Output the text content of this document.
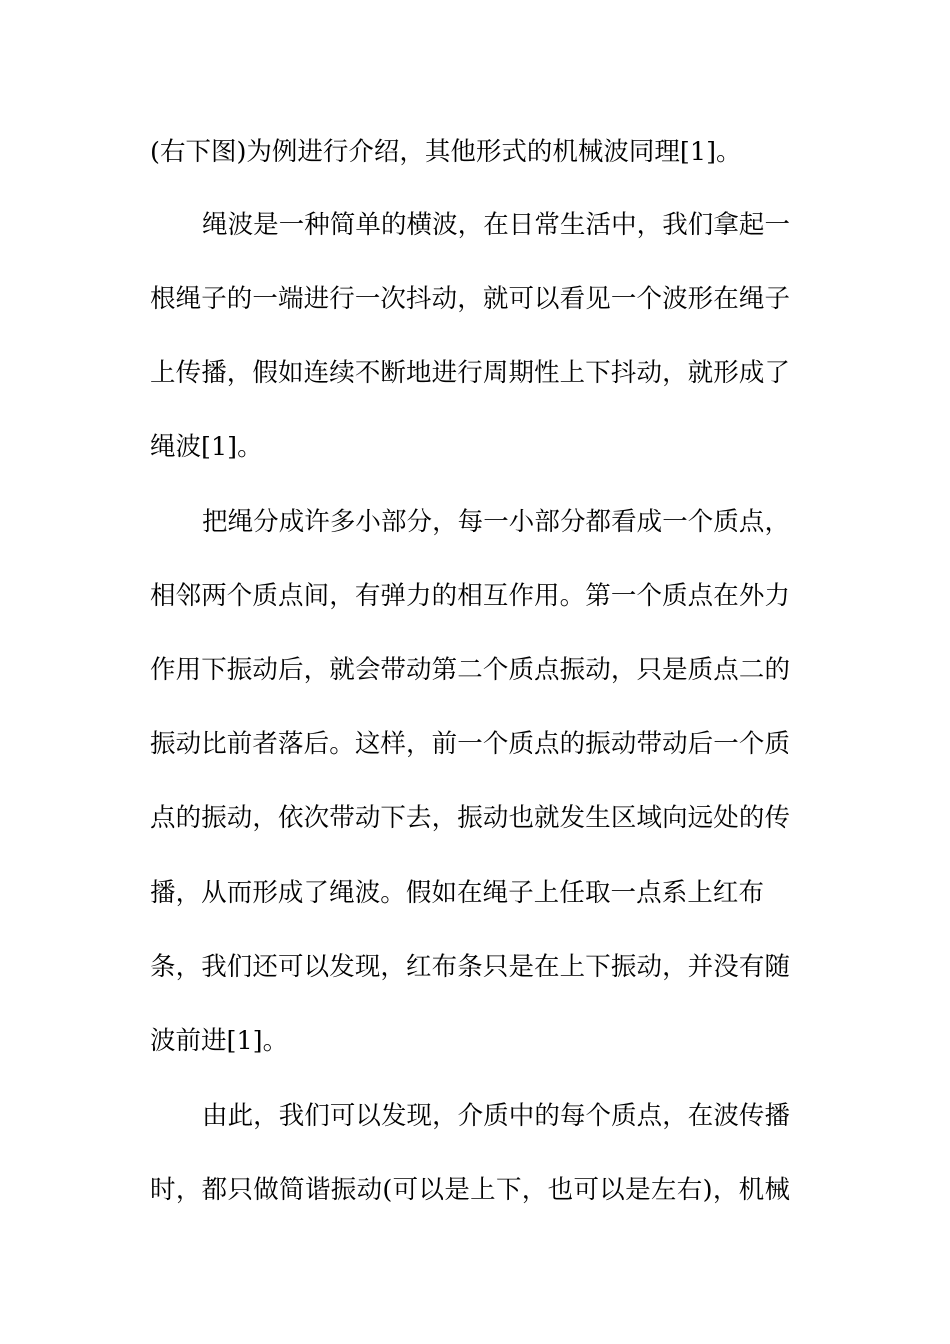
(右下图)为例进行介绍，其他形式的机械波同理[1]。
绳波是一种简单的横波，在日常生活中，我们拿起一
根绳子的一端进行一次抖动，就可以看见一个波形在绳子
上传播，假如连续不断地进行周期性上下抖动，就形成了
绳波[1]。
把绳分成许多小部分，每一小部分都看成一个质点，
相邻两个质点间，有弹力的相互作用。第一个质点在外力
作用下振动后，就会带动第二个质点振动，只是质点二的
振动比前者落后。这样，前一个质点的振动带动后一个质
点的振动，依次带动下去，振动也就发生区域向远处的传
播，从而形成了绳波。假如在绳子上任取一点系上红布
条，我们还可以发现，红布条只是在上下振动，并没有随
波前进[1]。
由此，我们可以发现，介质中的每个质点，在波传播
时，都只做简谐振动(可以是上下，也可以是左右)，机械
